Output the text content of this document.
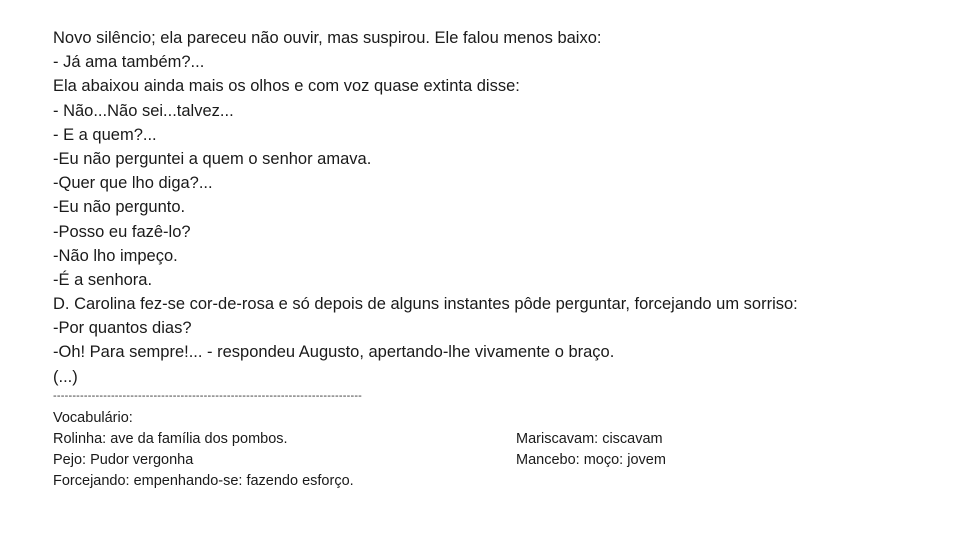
Novo silêncio; ela pareceu não ouvir, mas suspirou. Ele falou menos baixo:
- Já ama também?...
Ela abaixou ainda mais os olhos e com voz quase extinta disse:
- Não...Não sei...talvez...
- E a quem?...
-Eu não perguntei a quem o senhor amava.
-Quer que lho diga?...
-Eu não pergunto.
-Posso eu fazê-lo?
-Não lho impeço.
-É a senhora.
D. Carolina fez-se cor-de-rosa e só depois de alguns instantes pôde perguntar, forcejando um sorriso:
-Por quantos dias?
-Oh! Para sempre!... - respondeu Augusto, apertando-lhe vivamente o braço.
(...)
--------------------------------------------------------------------------------
Vocabulário:
Rolinha: ave da família dos pombos.	Mariscavam: ciscavam
Pejo: Pudor vergonha	Mancebo: moço: jovem
Forcejando: empenhando-se: fazendo esforço.
